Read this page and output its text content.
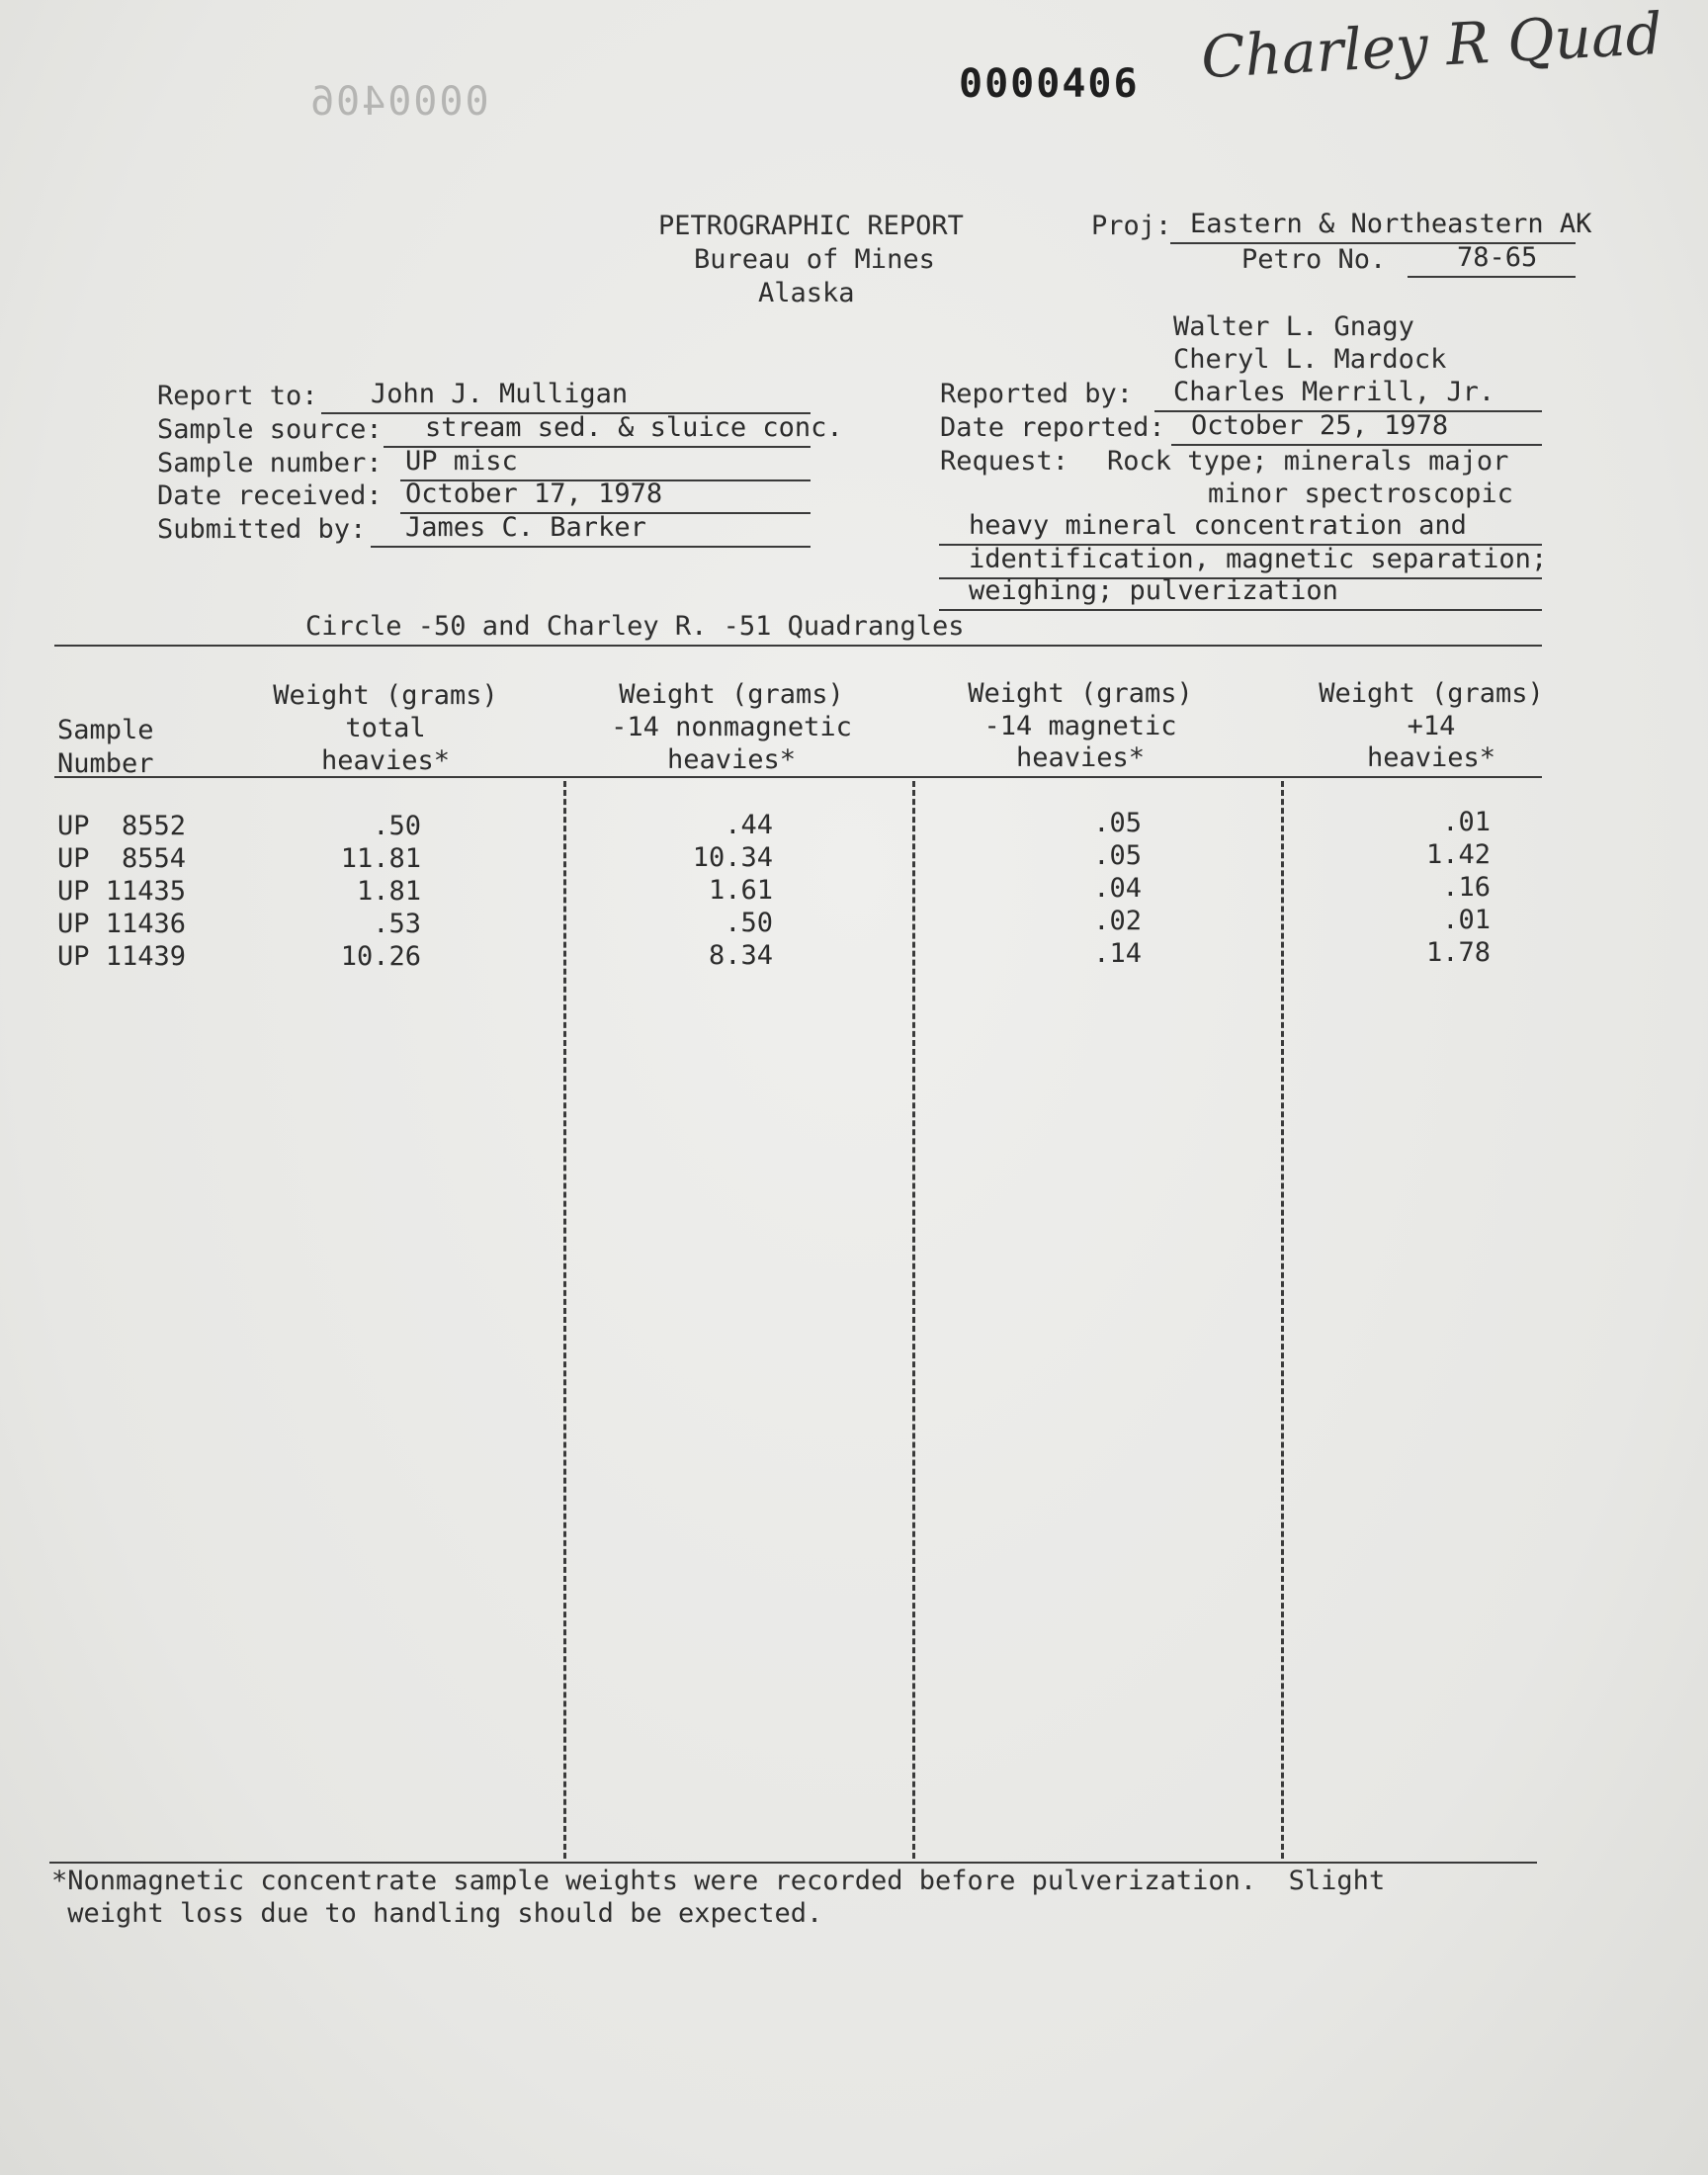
0000406	0000406 Charley R Quad
PETROGRAPHIC REPORT
Bureau of Mines
Alaska
Proj: Eastern & Northeastern AK
Petro No.	78-65
Walter L. Gnagy
Cheryl L. Mardock
Report to: John J. Mulligan
Sample source: stream sed. & sluice conc.
Sample number: UP misc
Date received: October 17, 1978
Submitted by: James C. Barker
Reported by: Charles Merrill, Jr.
Date reported: October 25, 1978
Request: Rock type; minerals major
minor spectroscopic
heavy mineral concentration and
identification, magnetic separation;
weighing; pulverization
Circle -50 and Charley R. -51 Quadrangles
Sample
Number
Weight (grams)
total
heavies*
Weight (grams)
-14 nonmagnetic
heavies*
Weight (grams)
-14 magnetic
heavies*
Weight (grams)
+14
heavies*
UP  8552	.50	.44	.05	.01
UP  8554	11.81	10.34	.05	1.42
UP 11435	1.81	1.61	.04	.16
UP 11436	.53	.50	.02	.01
UP 11439	10.26	8.34	.14	1.78
*Nonmagnetic concentrate sample weights were recorded before pulverization.  Slight
weight loss due to handling should be expected.
